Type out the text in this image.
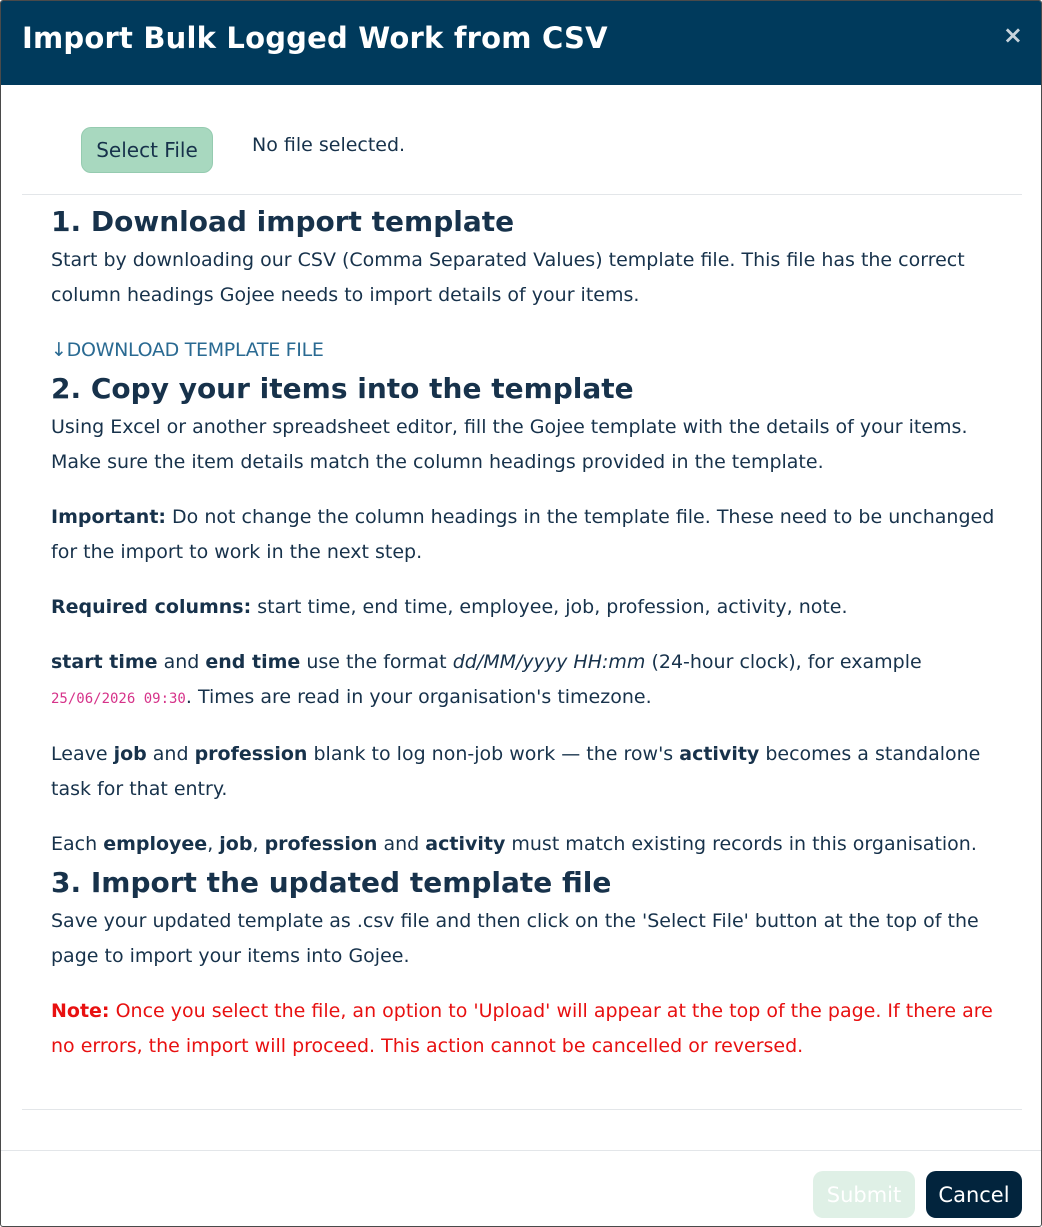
Import Bulk Logged Work from CSV	×
Select File	No file selected.
1. Download import template

Start by downloading our CSV (Comma Separated Values) template file. This file has the correct column headings Gojee needs to import details of your items.

↓DOWNLOAD TEMPLATE FILE
2. Copy your items into the template

Using Excel or another spreadsheet editor, fill the Gojee template with the details of your items. Make sure the item details match the column headings provided in the template.

Important: Do not change the column headings in the template file. These need to be unchanged for the import to work in the next step.

Required columns: start time, end time, employee, job, profession, activity, note.

start time and end time use the format dd/MM/yyyy HH:mm (24-hour clock), for example 25/06/2026 09:30. Times are read in your organisation's timezone.

Leave job and profession blank to log non-job work — the row's activity becomes a standalone task for that entry.

Each employee, job, profession and activity must match existing records in this organisation.

3. Import the updated template file

Save your updated template as .csv file and then click on the 'Select File' button at the top of the page to import your items into Gojee.

Note: Once you select the file, an option to 'Upload' will appear at the top of the page. If there are no errors, the import will proceed. This action cannot be cancelled or reversed.

Submit	Cancel
